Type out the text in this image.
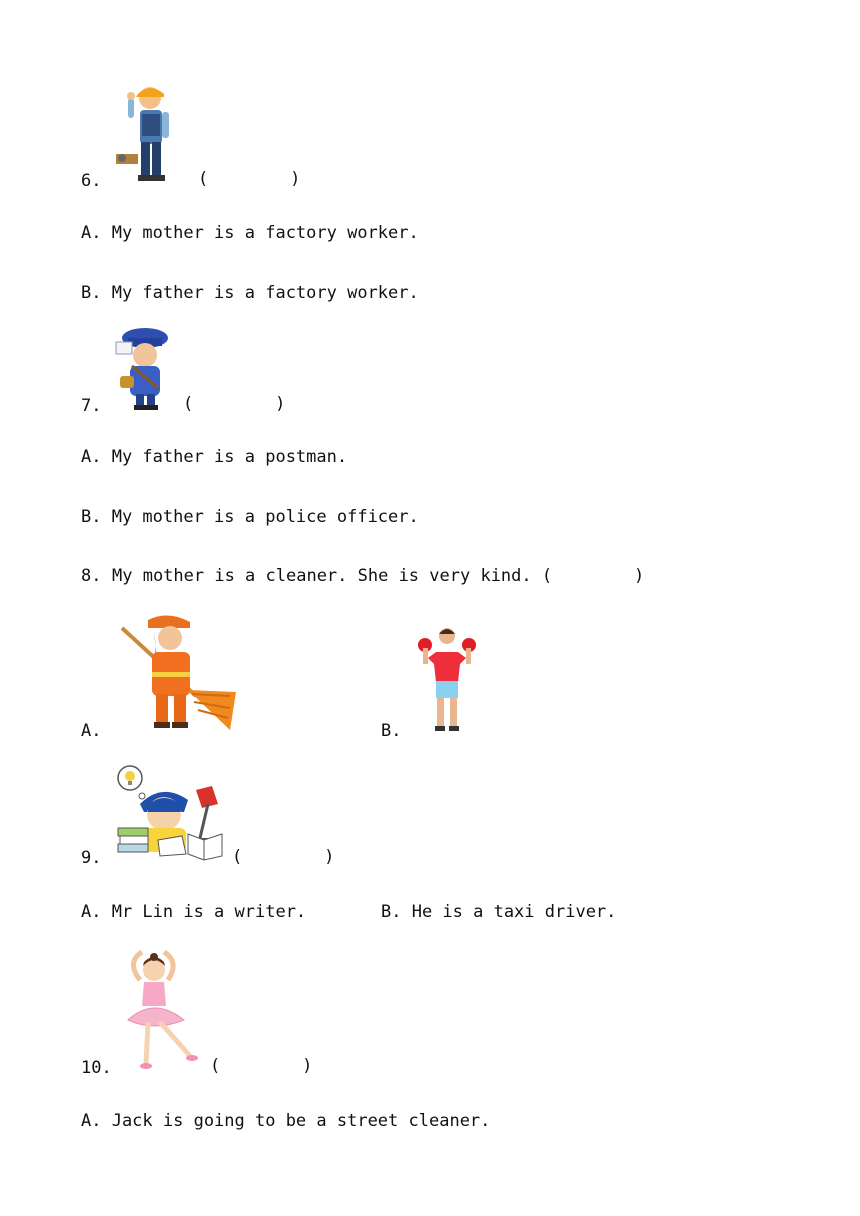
6.	(        )
A. My mother is a factory worker.
B. My father is a factory worker.
7.	(        )
A. My father is a postman.
B. My mother is a police officer.
8. My mother is a cleaner. She is very kind. (        )
A.	B.
9.	(        )
A. Mr Lin is a writer.	B. He is a taxi driver.
10.	(        )
A. Jack is going to be a street cleaner.
